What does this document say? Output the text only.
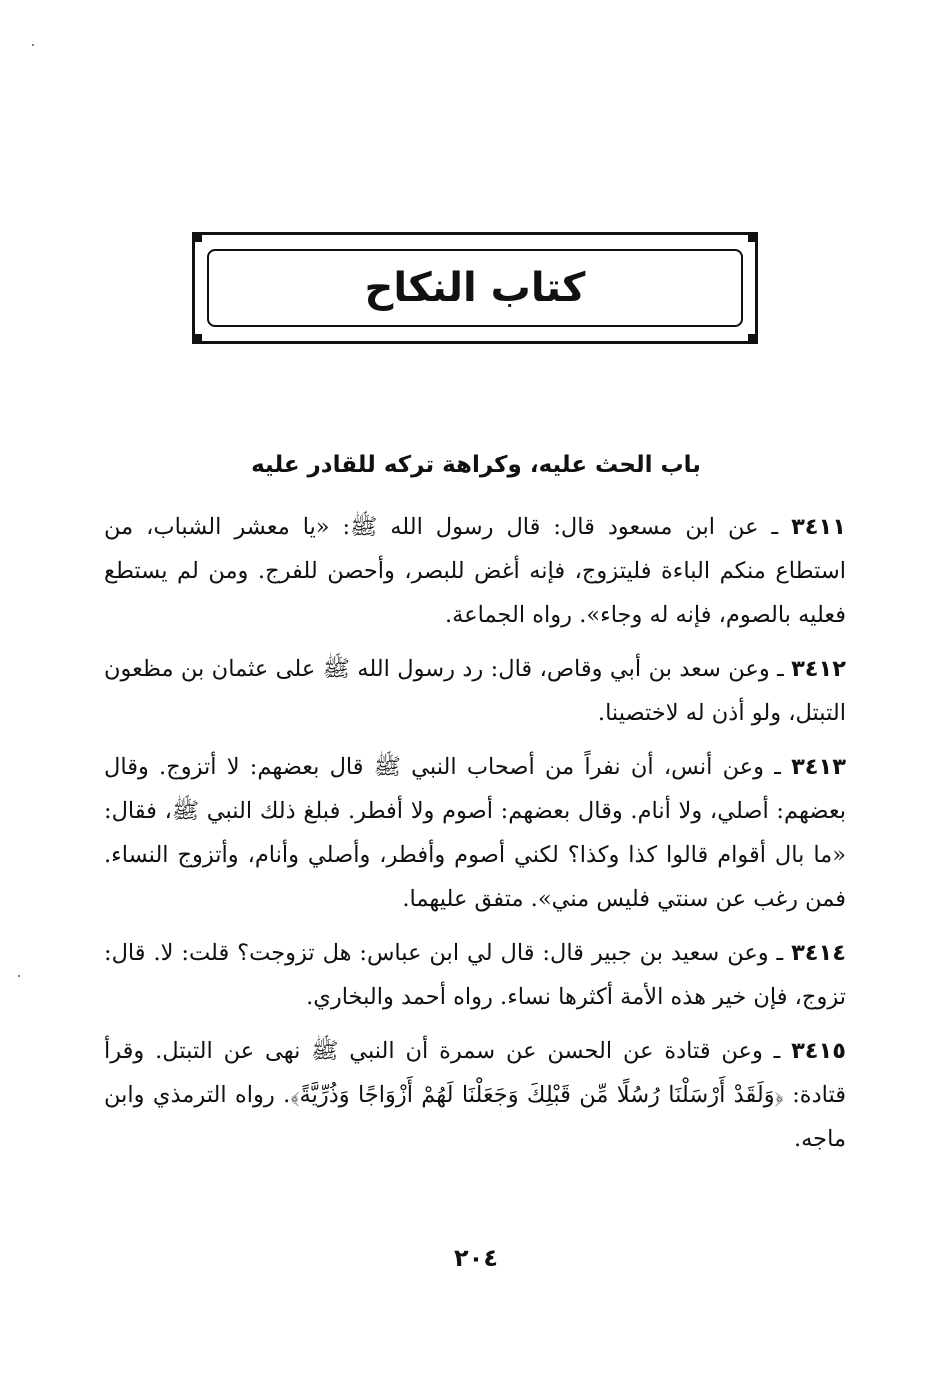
كتاب النكاح
باب الحث عليه، وكراهة تركه للقادر عليه

٣٤١١ ـ عن ابن مسعود قال: قال رسول الله ﷺ: «يا معشر الشباب، من استطاع منكم الباءة فليتزوج، فإنه أغض للبصر، وأحصن للفرج. ومن لم يستطع فعليه بالصوم، فإنه له وجاء». رواه الجماعة.

٣٤١٢ ـ وعن سعد بن أبي وقاص، قال: رد رسول الله ﷺ على عثمان بن مظعون التبتل، ولو أذن له لاختصينا.

٣٤١٣ ـ وعن أنس، أن نفراً من أصحاب النبي ﷺ قال بعضهم: لا أتزوج. وقال بعضهم: أصلي، ولا أنام. وقال بعضهم: أصوم ولا أفطر. فبلغ ذلك النبي ﷺ، فقال: «ما بال أقوام قالوا كذا وكذا؟ لكني أصوم وأفطر، وأصلي وأنام، وأتزوج النساء. فمن رغب عن سنتي فليس مني». متفق عليهما.

٣٤١٤ ـ وعن سعيد بن جبير قال: قال لي ابن عباس: هل تزوجت؟ قلت: لا. قال: تزوج، فإن خير هذه الأمة أكثرها نساء. رواه أحمد والبخاري.

٣٤١٥ ـ وعن قتادة عن الحسن عن سمرة أن النبي ﷺ نهى عن التبتل. وقرأ قتادة: ﴿وَلَقَدْ أَرْسَلْنَا رُسُلًا مِّن قَبْلِكَ وَجَعَلْنَا لَهُمْ أَزْوَاجًا وَذُرِّيَّةً﴾. رواه الترمذي وابن ماجه.

٢٠٤
